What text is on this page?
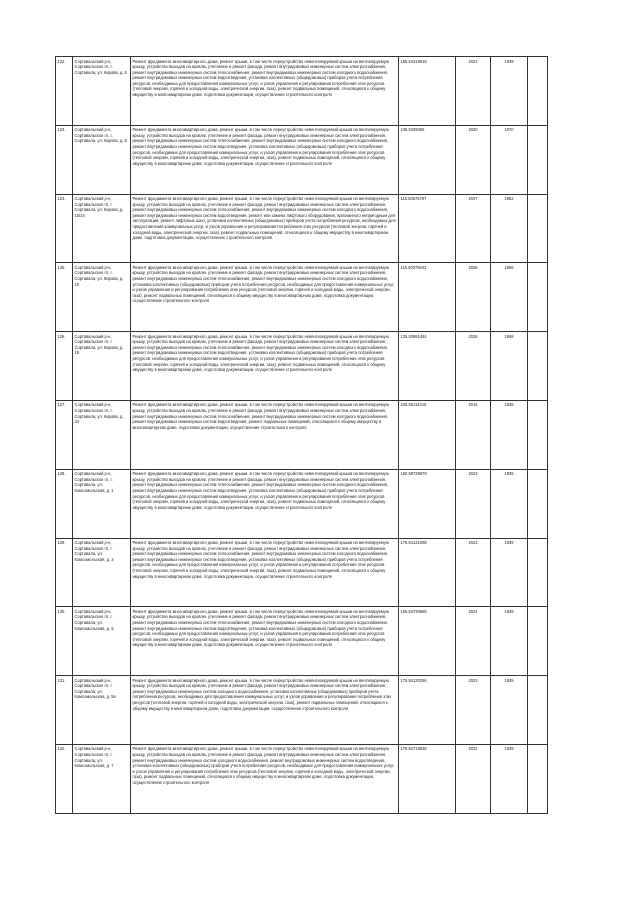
122.	Сортавальский р-н, Сортавальское гп, г. Сортавала, ул. Кирова, д. 6	Ремонт фундамента многоквартирного дома, ремонт крыши, в том числе переустройство невентилируемой крыши на вентилируемую крышу, устройство выходов на кровлю, утепление и ремонт фасада, ремонт внутридомовых инженерных систем электроснабжения, ремонт внутридомовых инженерных систем теплоснабжения, ремонт внутридомовых инженерных систем холодного водоснабжения, ремонт внутридомовых инженерных систем водоотведения, установка коллективных (общедомовых) приборов учета потребления ресурсов, необходимых для предоставления коммунальных услуг, и узлов управления и регулирования потребления этих ресурсов (тепловой энергии, горячей и холодной воды, электрической энергии, газа), ремонт подвальных помещений, относящихся к общему имуществу в многоквартирном доме, подготовка документации, осуществление строительного контроля	165.54319618	2023	1939	
123.	Сортавальский р-н, Сортавальское гп, г. Сортавала, ул. Кирова, д. 8	Ремонт фундамента многоквартирного дома, ремонт крыши, в том числе переустройство невентилируемой крыши на вентилируемую крышу, устройство выходов на кровлю, утепление и ремонт фасада, ремонт внутридомовых инженерных систем электроснабжения, ремонт внутридомовых инженерных систем теплоснабжения, ремонт внутридомовых инженерных систем холодного водоснабжения, ремонт внутридомовых инженерных систем водоотведения, установка коллективных (общедомовых) приборов учета потребления ресурсов, необходимых для предоставления коммунальных услуг, и узлов управления и регулирования потребления этих ресурсов (тепловой энергии, горячей и холодной воды, электрической энергии, газа), ремонт подвальных помещений, относящихся к общему имуществу в многоквартирном доме, подготовка документации, осуществление строительного контроля	135.5339055	2020	1970	
124.	Сортавальский р-н, Сортавальское гп, г. Сортавала, ул. Кирова, д. 10/24	Ремонт фундамента многоквартирного дома, ремонт крыши, в том числе переустройство невентилируемой крыши на вентилируемую крышу, устройство выходов на кровлю, утепление и ремонт фасада, ремонт внутридомовых инженерных систем электроснабжения, ремонт внутридомовых инженерных систем теплоснабжения, ремонт внутридомовых инженерных систем холодного водоснабжения, ремонт внутридомовых инженерных систем водоотведения, ремонт или замена лифтового оборудования, признанного непригодным для эксплуатации, ремонт лифтовых шахт, установка коллективных (общедомовых) приборов учета потребления ресурсов, необходимых для предоставления коммунальных услуг, и узлов управления и регулирования потребления этих ресурсов (тепловой энергии, горячей и холодной воды, электрической энергии, газа), ремонт подвальных помещений, относящихся к общему имуществу в многоквартирном доме, подготовка документации, осуществление строительного контроля	115.50576787	2037	1962	
125.	Сортавальский р-н, Сортавальское гп, г. Сортавала, ул. Кирова, д. 15	Ремонт фундамента многоквартирного дома, ремонт крыши, в том числе переустройство невентилируемой крыши на вентилируемую крышу, устройство выходов на кровлю, утепление и ремонт фасада, ремонт внутридомовых инженерных систем электроснабжения, ремонт внутридомовых инженерных систем теплоснабжения, ремонт внутридомовых инженерных систем холодного водоснабжения, установка коллективных (общедомовых) приборов учета потребления ресурсов, необходимых для предоставления коммунальных услуг, и узлов управления и регулирования потребления этих ресурсов (тепловой энергии, горячей и холодной воды, электрической энергии, газа), ремонт подвальных помещений, относящихся к общему имуществу в многоквартирном доме, подготовка документации, осуществление строительного контроля	115.50375842	2036	1966	
126.	Сортавальский р-н, Сортавальское гп, г. Сортавала, ул. Кирова, д. 18	Ремонт фундамента многоквартирного дома, ремонт крыши, в том числе переустройство невентилируемой крыши на вентилируемую крышу, устройство выходов на кровлю, утепление и ремонт фасада, ремонт внутридомовых инженерных систем электроснабжения, ремонт внутридомовых инженерных систем теплоснабжения, ремонт внутридомовых инженерных систем холодного водоснабжения, ремонт внутридомовых инженерных систем водоотведения, установка коллективных (общедомовых) приборов учета потребления ресурсов, необходимых для предоставления коммунальных услуг, и узлов управления и регулирования потребления этих ресурсов (тепловой энергии, горячей и холодной воды, электрической энергии, газа), ремонт подвальных помещений, относящихся к общему имуществу в многоквартирном доме, подготовка документации, осуществление строительного контроля	135.53991484	2026	1968	
127.	Сортавальский р-н, Сортавальское гп, г. Сортавала, ул. Кирова, д. 34	Ремонт фундамента многоквартирного дома, ремонт крыши, в том числе переустройство невентилируемой крыши на вентилируемую крышу, устройство выходов на кровлю, утепление и ремонт фасада, ремонт внутридомовых инженерных систем электроснабжения, ремонт внутридомовых инженерных систем теплоснабжения, ремонт внутридомовых инженерных систем холодного водоснабжения, ремонт внутридомовых инженерных систем водоотведения, ремонт подвальных помещений, относящихся к общему имуществу в многоквартирном доме, подготовка документации, осуществление строительного контроля	225.56114318	2016	1938	
128.	Сортавальский р-н, Сортавальское гп, г. Сортавала, ул. Комсомольская, д. 1	Ремонт фундамента многоквартирного дома, ремонт крыши, в том числе переустройство невентилируемой крыши на вентилируемую крышу, устройство выходов на кровлю, утепление и ремонт фасада, ремонт внутридомовых инженерных систем электроснабжения, ремонт внутридомовых инженерных систем теплоснабжения, ремонт внутридомовых инженерных систем холодного водоснабжения, ремонт внутридомовых инженерных систем водоотведения, установка коллективных (общедомовых) приборов учета потребления ресурсов, необходимых для предоставления коммунальных услуг, и узлов управления и регулирования потребления этих ресурсов (тепловой энергии, горячей и холодной воды, электрической энергии, газа), ремонт подвальных помещений, относящихся к общему имуществу в многоквартирном доме, подготовка документации, осуществление строительного контроля	160.58729679	2023	1939	
129.	Сортавальский р-н, Сортавальское гп, г. Сортавала, ул. Комсомольская, д. 3	Ремонт фундамента многоквартирного дома, ремонт крыши, в том числе переустройство невентилируемой крыши на вентилируемую крышу, устройство выходов на кровлю, утепление и ремонт фасада, ремонт внутридомовых инженерных систем электроснабжения, ремонт внутридомовых инженерных систем теплоснабжения, ремонт внутридомовых инженерных систем холодного водоснабжения, ремонт внутридомовых инженерных систем водоотведения, установка коллективных (общедомовых) приборов учета потребления ресурсов, необходимых для предоставления коммунальных услуг, и узлов управления и регулирования потребления этих ресурсов (тепловой энергии, горячей и холодной воды, электрической энергии, газа), ремонт подвальных помещений, относящихся к общему имуществу в многоквартирном доме, подготовка документации, осуществление строительного контроля	175.54131098	2023	1939	
130.	Сортавальский р-н, Сортавальское гп, г. Сортавала, ул. Комсомольская, д. 5	Ремонт фундамента многоквартирного дома, ремонт крыши, в том числе переустройство невентилируемой крыши на вентилируемую крышу, устройство выходов на кровлю, утепление и ремонт фасада, ремонт внутридомовых инженерных систем электроснабжения, ремонт внутридомовых инженерных систем теплоснабжения, ремонт внутридомовых инженерных систем холодного водоснабжения, ремонт внутридомовых инженерных систем водоотведения, установка коллективных (общедомовых) приборов учета потребления ресурсов, необходимых для предоставления коммунальных услуг, и узлов управления и регулирования потребления этих ресурсов (тепловой энергии, горячей и холодной воды, электрической энергии, газа), ремонт подвальных помещений, относящихся к общему имуществу в многоквартирном доме, подготовка документации, осуществление строительного контроля	155.54730686	2024	1939	
131.	Сортавальский р-н, Сортавальское гп, г. Сортавала, ул. Комсомольская, д. 5а	Ремонт фундамента многоквартирного дома, ремонт крыши, в том числе переустройство невентилируемой крыши на вентилируемую крышу, устройство выходов на кровлю, утепление и ремонт фасада, ремонт внутридомовых инженерных систем электроснабжения, ремонт внутридомовых инженерных систем холодного водоснабжения, установка коллективных (общедомовых) приборов учета потребления ресурсов, необходимых для предоставления коммунальных услуг, и узлов управления и регулирования потребления этих ресурсов (тепловой энергии, горячей и холодной воды, электрической энергии, газа), ремонт подвальных помещений, относящихся к общему имуществу в многоквартирном доме, подготовка документации, осуществление строительного контроля	175.54130256	2023	1939	
132.	Сортавальский р-н, Сортавальское гп, г. Сортавала, ул. Комсомольская, д. 7	Ремонт фундамента многоквартирного дома, ремонт крыши, в том числе переустройство невентилируемой крыши на вентилируемую крышу, устройство выходов на кровлю, утепление и ремонт фасада, ремонт внутридомовых инженерных систем электроснабжения, ремонт внутридомовых инженерных систем холодного водоснабжения, ремонт внутридомовых инженерных систем водоотведения, установка коллективных (общедомовых) приборов учета потребления ресурсов, необходимых для предоставления коммунальных услуг, и узлов управления и регулирования потребления этих ресурсов (тепловой энергии, горячей и холодной воды, электрической энергии, газа), ремонт подвальных помещений, относящихся к общему имуществу в многоквартирном доме, подготовка документации, осуществление строительного контроля	175.54719635	2022	1939	
